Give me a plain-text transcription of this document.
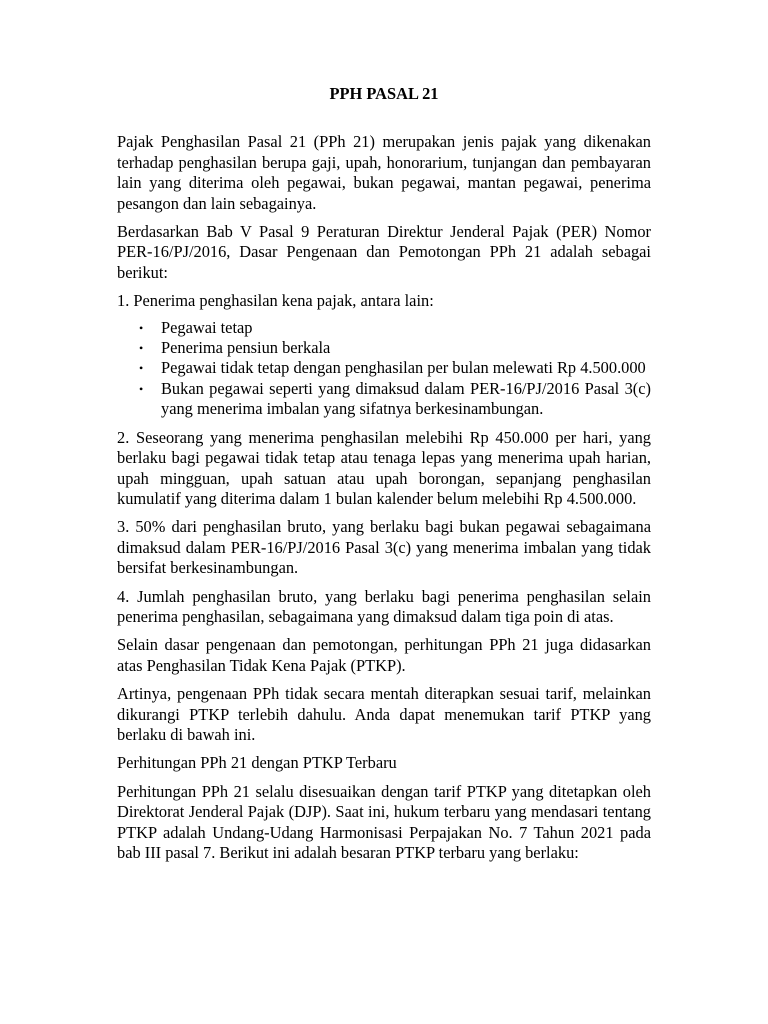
PPH PASAL 21

Pajak Penghasilan Pasal 21 (PPh 21) merupakan jenis pajak yang dikenakan terhadap penghasilan berupa gaji, upah, honorarium, tunjangan dan pembayaran lain yang diterima oleh pegawai, bukan pegawai, mantan pegawai, penerima pesangon dan lain sebagainya.

Berdasarkan Bab V Pasal 9 Peraturan Direktur Jenderal Pajak (PER) Nomor PER-16/PJ/2016, Dasar Pengenaan dan Pemotongan PPh 21 adalah sebagai berikut:

1. Penerima penghasilan kena pajak, antara lain:

• Pegawai tetap
• Penerima pensiun berkala
• Pegawai tidak tetap dengan penghasilan per bulan melewati Rp 4.500.000
• Bukan pegawai seperti yang dimaksud dalam PER-16/PJ/2016 Pasal 3(c) yang menerima imbalan yang sifatnya berkesinambungan.

2. Seseorang yang menerima penghasilan melebihi Rp 450.000 per hari, yang berlaku bagi pegawai tidak tetap atau tenaga lepas yang menerima upah harian, upah mingguan, upah satuan atau upah borongan, sepanjang penghasilan kumulatif yang diterima dalam 1 bulan kalender belum melebihi Rp 4.500.000.

3. 50% dari penghasilan bruto, yang berlaku bagi bukan pegawai sebagaimana dimaksud dalam PER-16/PJ/2016 Pasal 3(c) yang menerima imbalan yang tidak bersifat berkesinambungan.

4. Jumlah penghasilan bruto, yang berlaku bagi penerima penghasilan selain penerima penghasilan, sebagaimana yang dimaksud dalam tiga poin di atas.

Selain dasar pengenaan dan pemotongan, perhitungan PPh 21 juga didasarkan atas Penghasilan Tidak Kena Pajak (PTKP).

Artinya, pengenaan PPh tidak secara mentah diterapkan sesuai tarif, melainkan dikurangi PTKP terlebih dahulu. Anda dapat menemukan tarif PTKP yang berlaku di bawah ini.

Perhitungan PPh 21 dengan PTKP Terbaru

Perhitungan PPh 21 selalu disesuaikan dengan tarif PTKP yang ditetapkan oleh Direktorat Jenderal Pajak (DJP). Saat ini, hukum terbaru yang mendasari tentang PTKP adalah Undang-Udang Harmonisasi Perpajakan No. 7 Tahun 2021 pada bab III pasal 7. Berikut ini adalah besaran PTKP terbaru yang berlaku:
